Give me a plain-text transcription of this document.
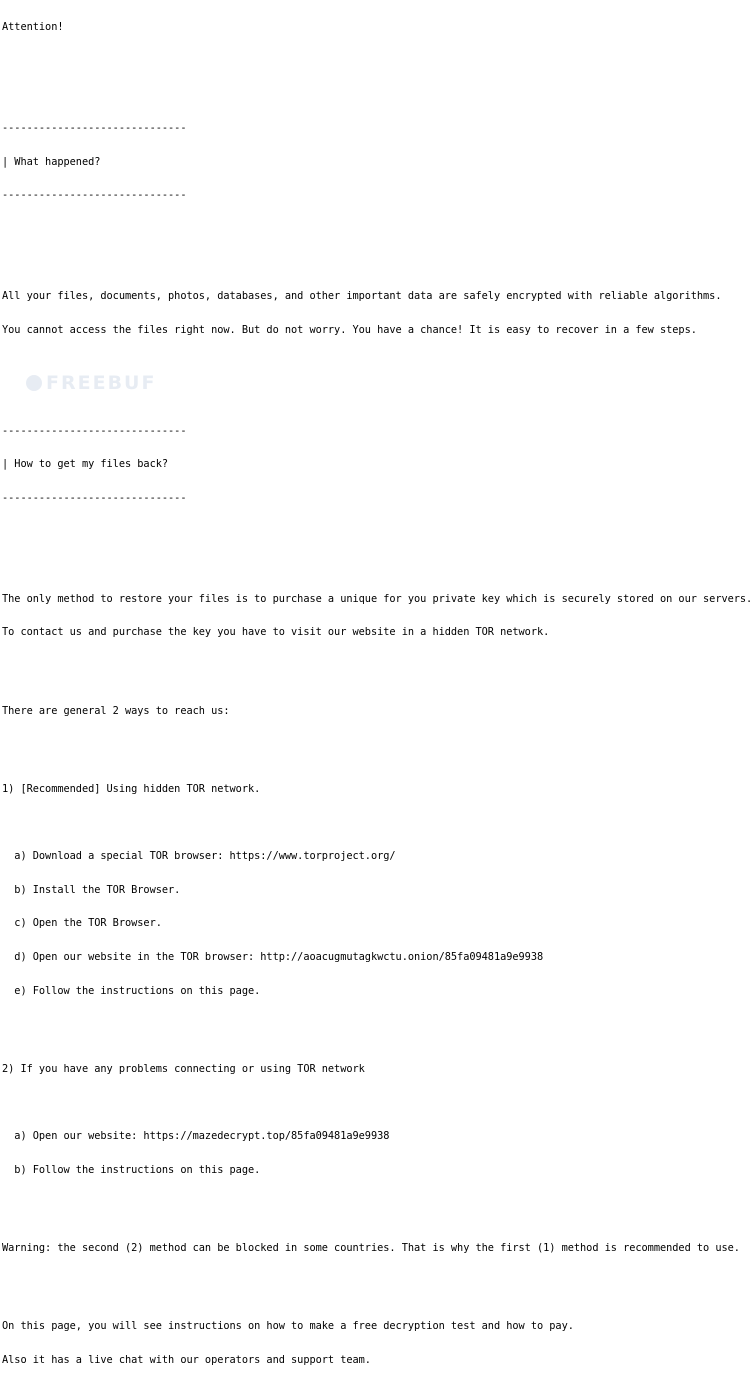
Attention!

------------------------------

| What happened?

------------------------------

All your files, documents, photos, databases, and other important data are safely encrypted with reliable algorithms.

You cannot access the files right now. But do not worry. You have a chance! It is easy to recover in a few steps.

------------------------------

| How to get my files back?

------------------------------

The only method to restore your files is to purchase a unique for you private key which is securely stored on our servers.

To contact us and purchase the key you have to visit our website in a hidden TOR network.

There are general 2 ways to reach us:

1) [Recommended] Using hidden TOR network.

a) Download a special TOR browser: https://www.torproject.org/

b) Install the TOR Browser.

c) Open the TOR Browser.

d) Open our website in the TOR browser: http://aoacugmutagkwctu.onion/85fa09481a9e9938

e) Follow the instructions on this page.

2) If you have any problems connecting or using TOR network

a) Open our website: https://mazedecrypt.top/85fa09481a9e9938

b) Follow the instructions on this page.

Warning: the second (2) method can be blocked in some countries. That is why the first (1) method is recommended to use.

On this page, you will see instructions on how to make a free decryption test and how to pay.

Also it has a live chat with our operators and support team.

FREEBUF
